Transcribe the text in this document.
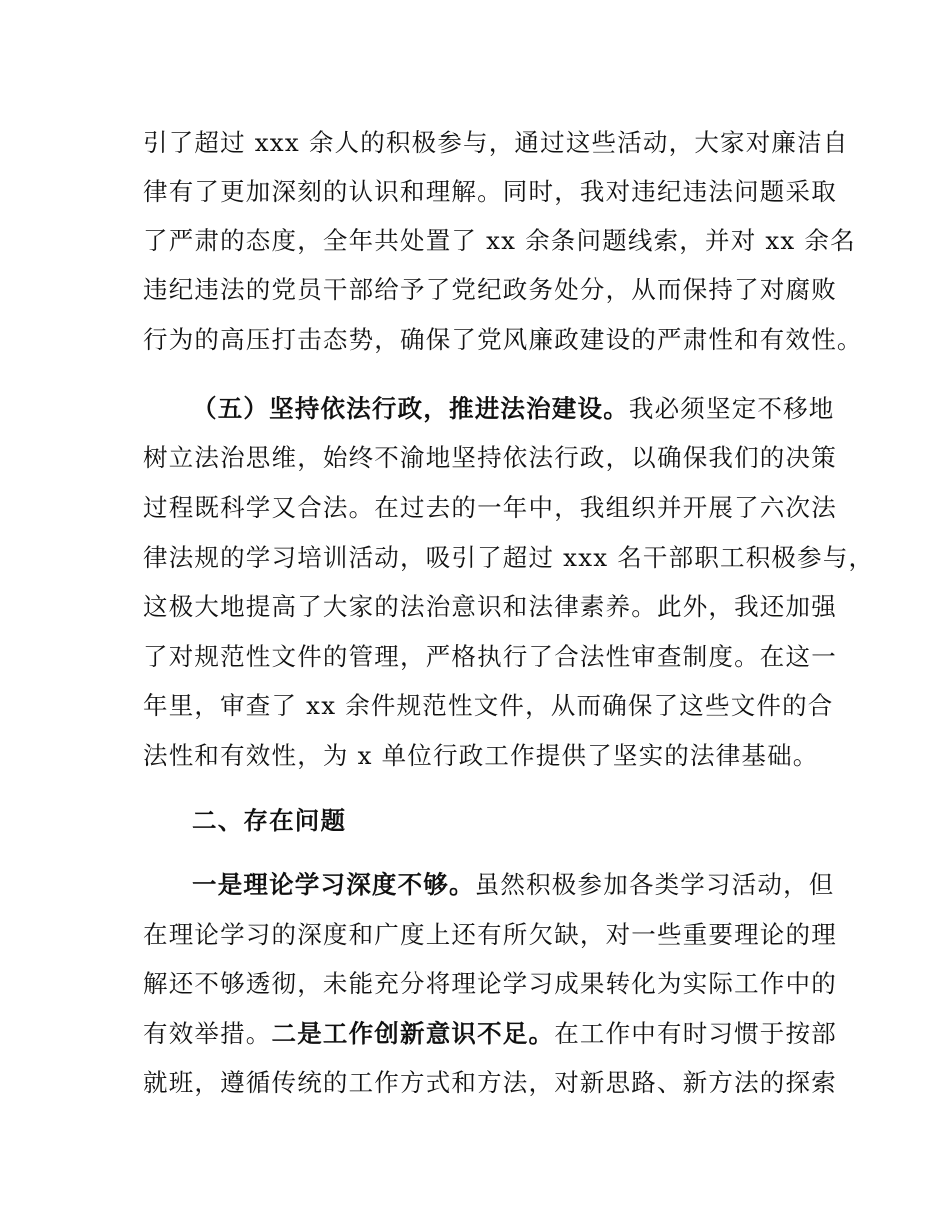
引了超过 xxx 余人的积极参与，通过这些活动，大家对廉洁自
律有了更加深刻的认识和理解。同时，我对违纪违法问题采取
了严肃的态度，全年共处置了 xx 余条问题线索，并对 xx 余名
违纪违法的党员干部给予了党纪政务处分，从而保持了对腐败
行为的高压打击态势，确保了党风廉政建设的严肃性和有效性。
（五）坚持依法行政，推进法治建设。我必须坚定不移地
树立法治思维，始终不渝地坚持依法行政，以确保我们的决策
过程既科学又合法。在过去的一年中，我组织并开展了六次法
律法规的学习培训活动，吸引了超过 xxx 名干部职工积极参与，
这极大地提高了大家的法治意识和法律素养。此外，我还加强
了对规范性文件的管理，严格执行了合法性审查制度。在这一
年里，审查了 xx 余件规范性文件，从而确保了这些文件的合
法性和有效性，为 x 单位行政工作提供了坚实的法律基础。
二、存在问题
一是理论学习深度不够。虽然积极参加各类学习活动，但
在理论学习的深度和广度上还有所欠缺，对一些重要理论的理
解还不够透彻，未能充分将理论学习成果转化为实际工作中的
有效举措。二是工作创新意识不足。在工作中有时习惯于按部
就班，遵循传统的工作方式和方法，对新思路、新方法的探索
